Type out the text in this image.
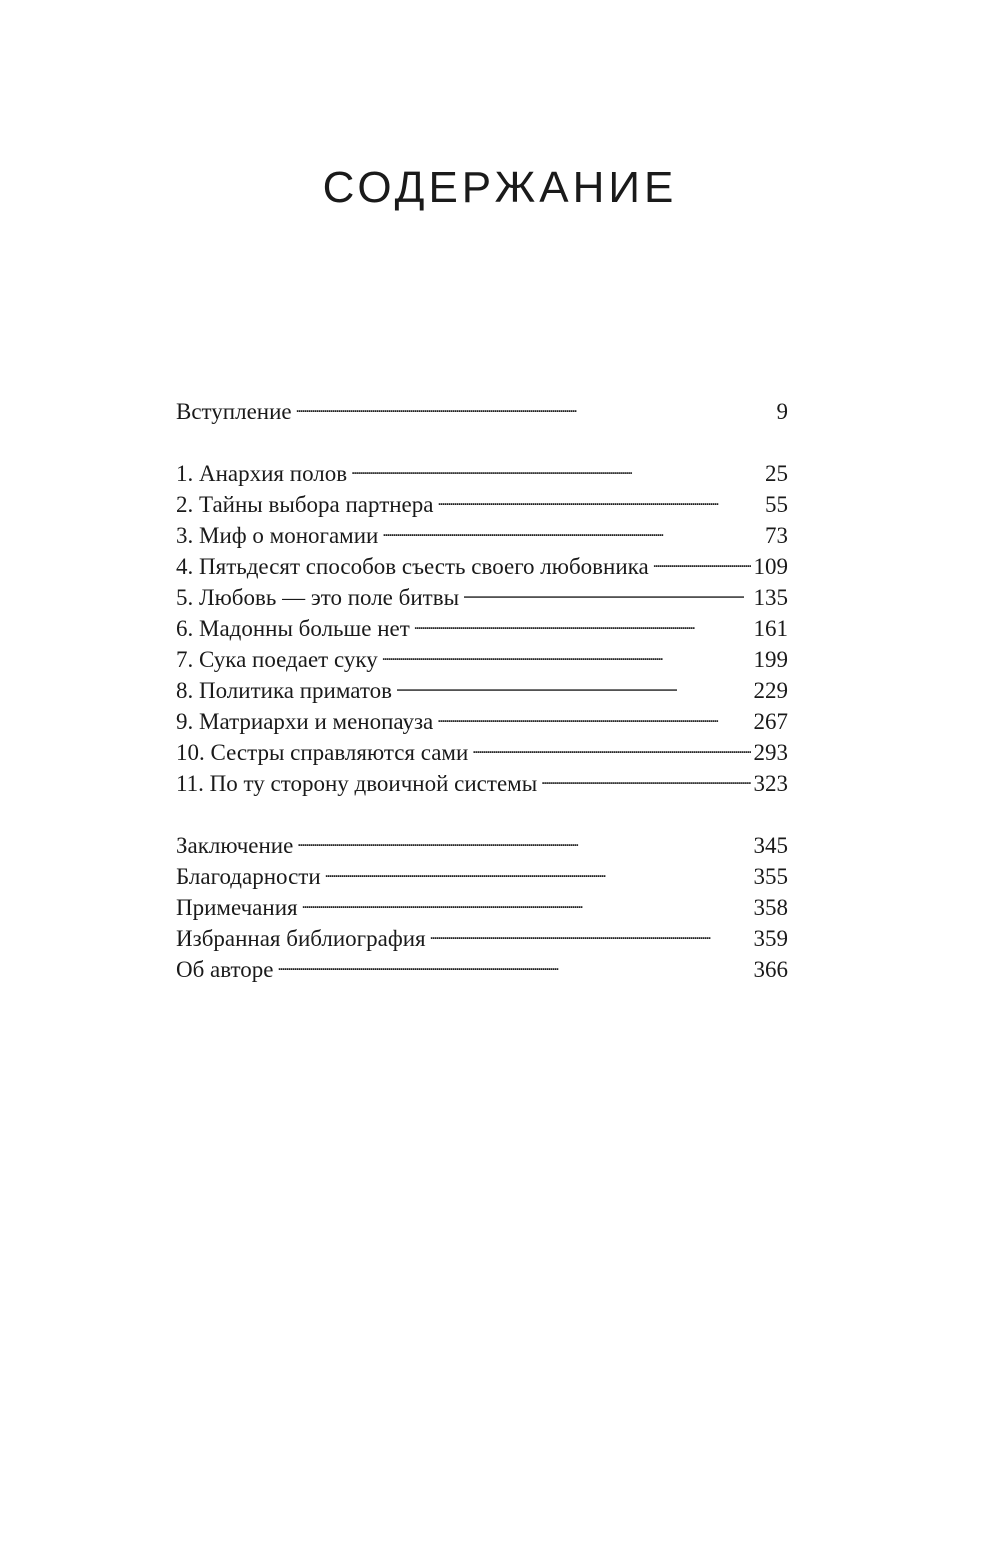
СОДЕРЖАНИЕ
Вступление . . .	9
1. Анархия полов . . .	25
2. Тайны выбора партнера . . .	55
3. Миф о моногамии . . .	73
4. Пятьдесят способов съесть своего любовника . . .	109
5. Любовь — это поле битвы . . .	135
6. Мадонны больше нет . . .	161
7. Сука поедает суку . . .	199
8. Политика приматов . . .	229
9. Матриархи и менопауза . . .	267
10. Сестры справляются сами . . .	293
11. По ту сторону двоичной системы . . .	323
Заключение . . .	345
Благодарности . . .	355
Примечания . . .	358
Избранная библиография . . .	359
Об авторе . . .	366
